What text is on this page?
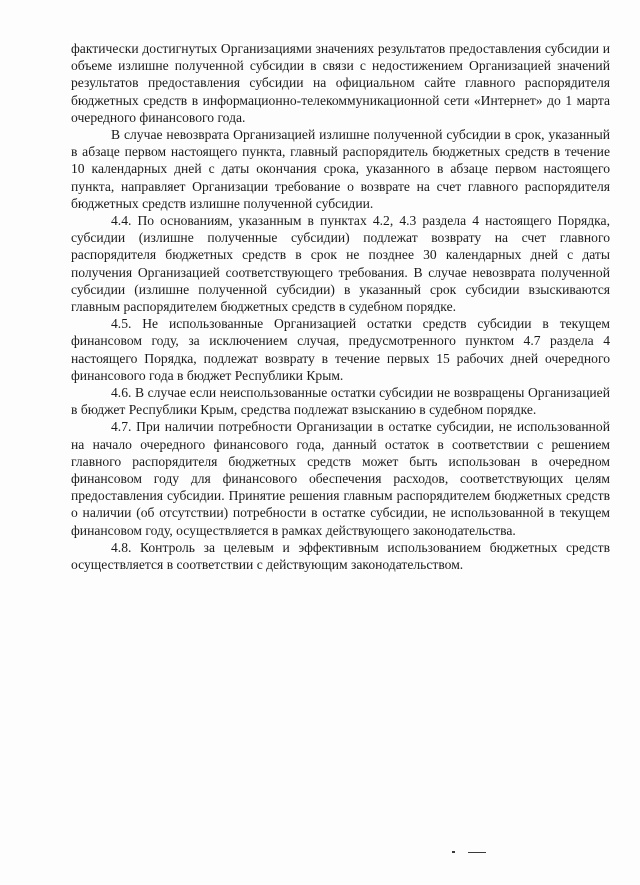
фактически достигнутых Организациями значениях результатов предоставления субсидии и объеме излишне полученной субсидии в связи с недостижением Организацией значений результатов предоставления субсидии на официальном сайте главного распорядителя бюджетных средств в информационно-телекоммуникационной сети «Интернет» до 1 марта очередного финансового года.

В случае невозврата Организацией излишне полученной субсидии в срок, указанный в абзаце первом настоящего пункта, главный распорядитель бюджетных средств в течение 10 календарных дней с даты окончания срока, указанного в абзаце первом настоящего пункта, направляет Организации требование о возврате на счет главного распорядителя бюджетных средств излишне полученной субсидии.

4.4. По основаниям, указанным в пунктах 4.2, 4.3 раздела 4 настоящего Порядка, субсидии (излишне полученные субсидии) подлежат возврату на счет главного распорядителя бюджетных средств в срок не позднее 30 календарных дней с даты получения Организацией соответствующего требования. В случае невозврата полученной субсидии (излишне полученной субсидии) в указанный срок субсидии взыскиваются главным распорядителем бюджетных средств в судебном порядке.

4.5. Не использованные Организацией остатки средств субсидии в текущем финансовом году, за исключением случая, предусмотренного пунктом 4.7 раздела 4 настоящего Порядка, подлежат возврату в течение первых 15 рабочих дней очередного финансового года в бюджет Республики Крым.

4.6. В случае если неиспользованные остатки субсидии не возвращены Организацией в бюджет Республики Крым, средства подлежат взысканию в судебном порядке.

4.7. При наличии потребности Организации в остатке субсидии, не использованной на начало очередного финансового года, данный остаток в соответствии с решением главного распорядителя бюджетных средств может быть использован в очередном финансовом году для финансового обеспечения расходов, соответствующих целям предоставления субсидии. Принятие решения главным распорядителем бюджетных средств о наличии (об отсутствии) потребности в остатке субсидии, не использованной в текущем финансовом году, осуществляется в рамках действующего законодательства.

4.8. Контроль за целевым и эффективным использованием бюджетных средств осуществляется в соответствии с действующим законодательством.
